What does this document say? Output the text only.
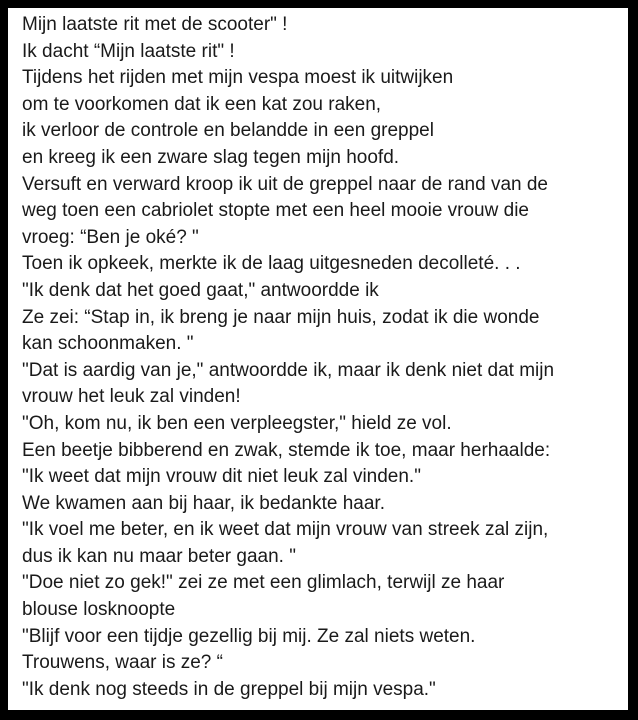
Mijn laatste rit met de scooter" !
Ik dacht “Mijn laatste rit" !
Tijdens het rijden met mijn vespa moest ik uitwijken
om te voorkomen dat ik een kat zou raken,
ik verloor de controle en belandde in een greppel
en kreeg ik een zware slag tegen mijn hoofd.
Versuft en verward kroop ik uit de greppel naar de rand van de
weg toen een cabriolet stopte met een heel mooie vrouw die
vroeg: “Ben je oké? "
Toen ik opkeek, merkte ik de laag uitgesneden decolleté. . .
"Ik denk dat het goed gaat," antwoordde ik
Ze zei: “Stap in, ik breng je naar mijn huis, zodat ik die wonde
kan schoonmaken. "
"Dat is aardig van je," antwoordde ik, maar ik denk niet dat mijn
vrouw het leuk zal vinden!
"Oh, kom nu, ik ben een verpleegster," hield ze vol.
Een beetje bibberend en zwak, stemde ik toe, maar herhaalde:
"Ik weet dat mijn vrouw dit niet leuk zal vinden."
We kwamen aan bij haar, ik bedankte haar.
"Ik voel me beter, en ik weet dat mijn vrouw van streek zal zijn,
dus ik kan nu maar beter gaan. "
"Doe niet zo gek!" zei ze met een glimlach, terwijl ze haar
blouse losknoopte
"Blijf voor een tijdje gezellig bij mij. Ze zal niets weten.
Trouwens, waar is ze? “
"Ik denk nog steeds in de greppel bij mijn vespa."
